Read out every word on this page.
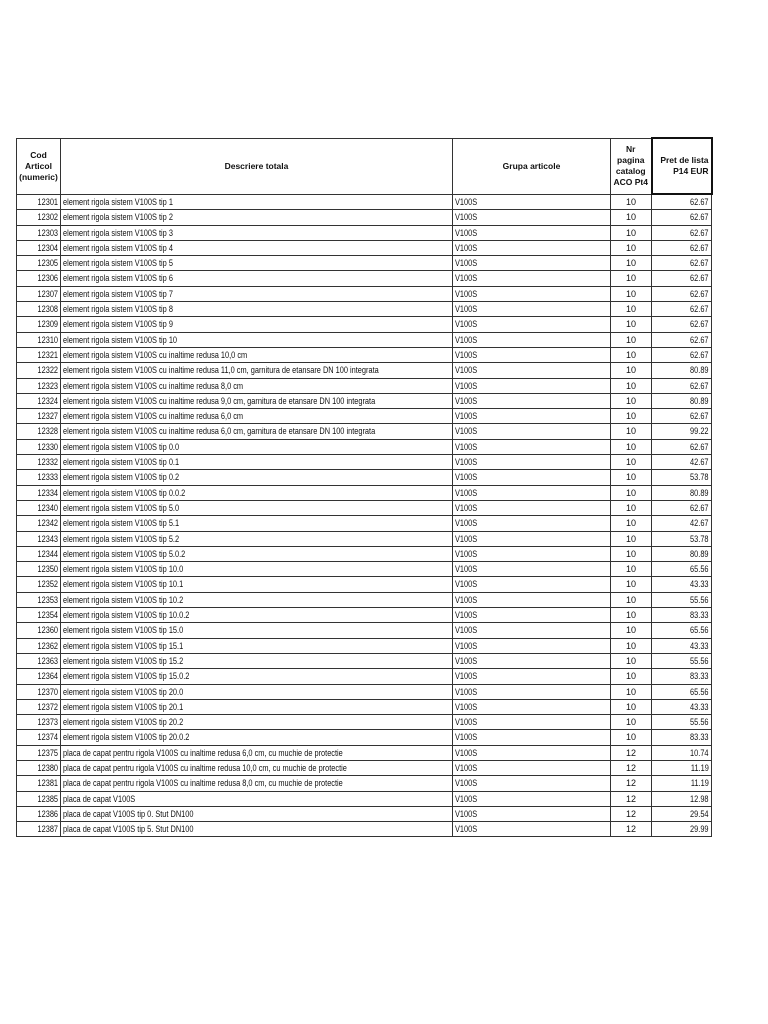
Cod Articol (numeric)	Descriere totala	Grupa articole	Nr pagina catalog ACO Pt4	Pret de lista P14 EUR
12301	element rigola sistem V100S tip 1	V100S	10	62.67
12302	element rigola sistem V100S tip 2	V100S	10	62.67
12303	element rigola sistem V100S tip 3	V100S	10	62.67
12304	element rigola sistem V100S tip 4	V100S	10	62.67
12305	element rigola sistem V100S tip 5	V100S	10	62.67
12306	element rigola sistem V100S tip 6	V100S	10	62.67
12307	element rigola sistem V100S tip 7	V100S	10	62.67
12308	element rigola sistem V100S tip 8	V100S	10	62.67
12309	element rigola sistem V100S tip 9	V100S	10	62.67
12310	element rigola sistem V100S tip 10	V100S	10	62.67
12321	element rigola sistem V100S cu inaltime redusa 10,0 cm	V100S	10	62.67
12322	element rigola sistem V100S cu inaltime redusa 11,0 cm, garnitura de etansare DN 100 integrata	V100S	10	80.89
12323	element rigola sistem V100S cu inaltime redusa 8,0 cm	V100S	10	62.67
12324	element rigola sistem V100S cu inaltime redusa 9,0 cm, garnitura de etansare DN 100 integrata	V100S	10	80.89
12327	element rigola sistem V100S cu inaltime redusa 6,0 cm	V100S	10	62.67
12328	element rigola sistem V100S cu inaltime redusa 6,0 cm, garnitura de etansare DN 100 integrata	V100S	10	99.22
12330	element rigola sistem V100S tip 0.0	V100S	10	62.67
12332	element rigola sistem V100S tip 0.1	V100S	10	42.67
12333	element rigola sistem V100S tip 0.2	V100S	10	53.78
12334	element rigola sistem V100S tip 0.0.2	V100S	10	80.89
12340	element rigola sistem V100S tip 5.0	V100S	10	62.67
12342	element rigola sistem V100S tip 5.1	V100S	10	42.67
12343	element rigola sistem V100S tip 5.2	V100S	10	53.78
12344	element rigola sistem V100S tip 5.0.2	V100S	10	80.89
12350	element rigola sistem V100S tip 10.0	V100S	10	65.56
12352	element rigola sistem V100S tip 10.1	V100S	10	43.33
12353	element rigola sistem V100S tip 10.2	V100S	10	55.56
12354	element rigola sistem V100S tip 10.0.2	V100S	10	83.33
12360	element rigola sistem V100S tip 15.0	V100S	10	65.56
12362	element rigola sistem V100S tip 15.1	V100S	10	43.33
12363	element rigola sistem V100S tip 15.2	V100S	10	55.56
12364	element rigola sistem V100S tip 15.0.2	V100S	10	83.33
12370	element rigola sistem V100S tip 20.0	V100S	10	65.56
12372	element rigola sistem V100S tip 20.1	V100S	10	43.33
12373	element rigola sistem V100S tip 20.2	V100S	10	55.56
12374	element rigola sistem V100S tip 20.0.2	V100S	10	83.33
12375	placa de capat pentru rigola V100S cu inaltime redusa 6,0 cm, cu muchie de protectie	V100S	12	10.74
12380	placa de capat pentru rigola V100S cu inaltime redusa 10,0 cm, cu muchie de protectie	V100S	12	11.19
12381	placa de capat pentru rigola V100S cu inaltime redusa 8,0 cm, cu muchie de protectie	V100S	12	11.19
12385	placa de capat V100S	V100S	12	12.98
12386	placa de capat V100S tip 0. Stut DN100	V100S	12	29.54
12387	placa de capat V100S tip 5. Stut DN100	V100S	12	29.99
